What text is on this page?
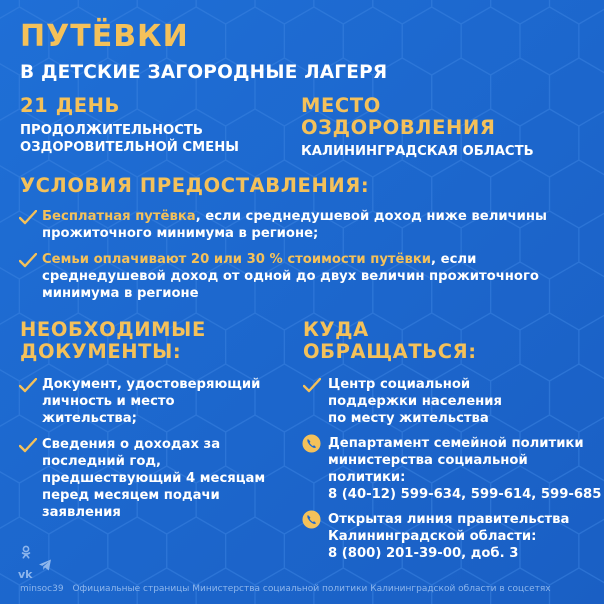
ПУТЁВКИ
В ДЕТСКИЕ ЗАГОРОДНЫЕ ЛАГЕРЯ
21 ДЕНЬ
ПРОДОЛЖИТЕЛЬНОСТЬ
ОЗДОРОВИТЕЛЬНОЙ СМЕНЫ
МЕСТО
ОЗДОРОВЛЕНИЯ
КАЛИНИНГРАДСКАЯ ОБЛАСТЬ
УСЛОВИЯ ПРЕДОСТАВЛЕНИЯ:
Бесплатная путёвка, если среднедушевой доход ниже величины
прожиточного минимума в регионе;
Семьи оплачивают 20 или 30 % стоимости путёвки, если
среднедушевой доход от одной до двух величин прожиточного
минимума в регионе
НЕОБХОДИМЫЕ
ДОКУМЕНТЫ:
Документ, удостоверяющий
личность и место
жительства;
Сведения о доходах за
последний год,
предшествующий 4 месяцам
перед месяцем подачи
заявления
КУДА
ОБРАЩАТЬСЯ:
Центр социальной
поддержки населения
по месту жительства
Департамент семейной политики
министерства социальной
политики:
8 (40-12) 599-634, 599-614, 599-685
Открытая линия правительства
Калининградской области:
8 (800) 201-39-00, доб. 3
vk
minsoc39 Официальные страницы Министерства социальной политики Калининградской области в соцсетях
